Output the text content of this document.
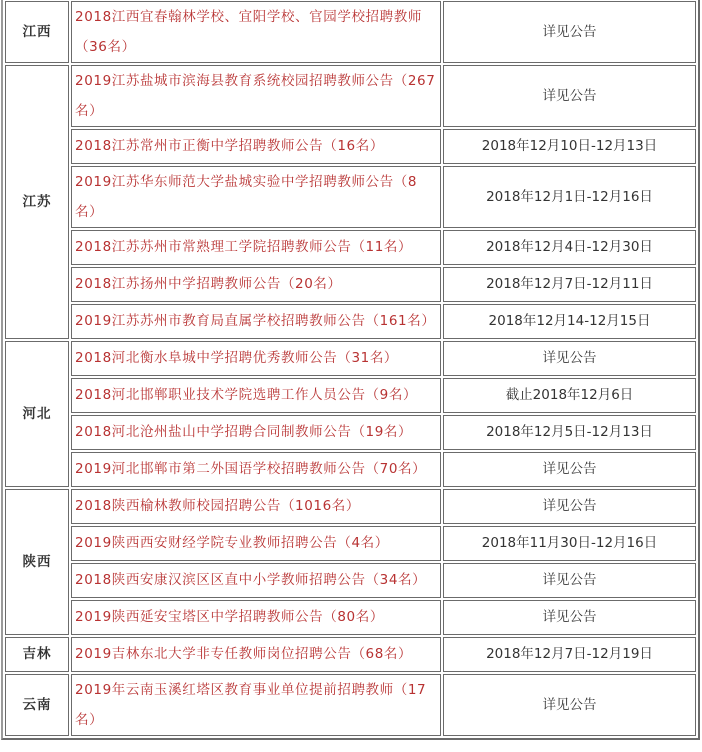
江西	2018江西宜春翰林学校、宜阳学校、官园学校招聘教师（36名）	详见公告
江苏	2019江苏盐城市滨海县教育系统校园招聘教师公告（267名）	详见公告
	2018江苏常州市正衡中学招聘教师公告（16名）	2018年12月10日-12月13日
	2019江苏华东师范大学盐城实验中学招聘教师公告（8名）	2018年12月1日-12月16日
	2018江苏苏州市常熟理工学院招聘教师公告（11名）	2018年12月4日-12月30日
	2018江苏扬州中学招聘教师公告（20名）	2018年12月7日-12月11日
	2019江苏苏州市教育局直属学校招聘教师公告（161名）	2018年12月14-12月15日
河北	2018河北衡水阜城中学招聘优秀教师公告（31名）	详见公告
	2018河北邯郸职业技术学院选聘工作人员公告（9名）	截止2018年12月6日
	2018河北沧州盐山中学招聘合同制教师公告（19名）	2018年12月5日-12月13日
	2019河北邯郸市第二外国语学校招聘教师公告（70名）	详见公告
陕西	2018陕西榆林教师校园招聘公告（1016名）	详见公告
	2019陕西西安财经学院专业教师招聘公告（4名）	2018年11月30日-12月16日
	2018陕西安康汉滨区区直中小学教师招聘公告（34名）	详见公告
	2019陕西延安宝塔区中学招聘教师公告（80名）	详见公告
吉林	2019吉林东北大学非专任教师岗位招聘公告（68名）	2018年12月7日-12月19日
云南	2019年云南玉溪红塔区教育事业单位提前招聘教师（17名）	详见公告
